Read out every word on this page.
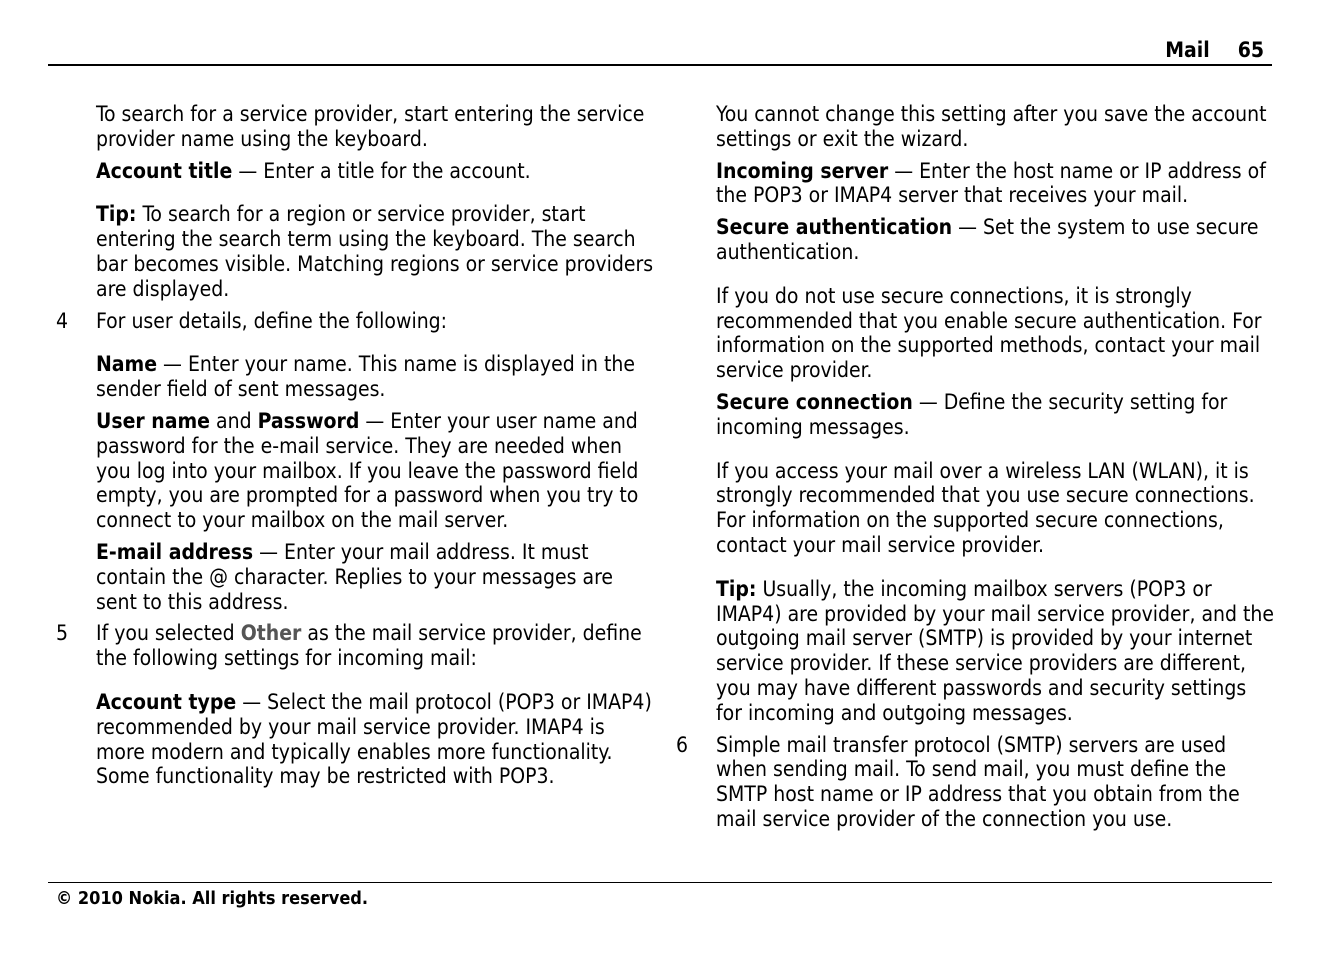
Mail 65

To search for a service provider, start entering the service provider name using the keyboard.

Account title — Enter a title for the account.

Tip: To search for a region or service provider, start entering the search term using the keyboard. The search bar becomes visible. Matching regions or service providers are displayed.

4 For user details, define the following:

Name — Enter your name. This name is displayed in the sender field of sent messages.

User name and Password — Enter your user name and password for the e-mail service. They are needed when you log into your mailbox. If you leave the password field empty, you are prompted for a password when you try to connect to your mailbox on the mail server.

E-mail address — Enter your mail address. It must contain the @ character. Replies to your messages are sent to this address.

5 If you selected Other as the mail service provider, define the following settings for incoming mail:

Account type — Select the mail protocol (POP3 or IMAP4) recommended by your mail service provider. IMAP4 is more modern and typically enables more functionality. Some functionality may be restricted with POP3.

You cannot change this setting after you save the account settings or exit the wizard.

Incoming server — Enter the host name or IP address of the POP3 or IMAP4 server that receives your mail.

Secure authentication — Set the system to use secure authentication.

If you do not use secure connections, it is strongly recommended that you enable secure authentication. For information on the supported methods, contact your mail service provider.

Secure connection — Define the security setting for incoming messages.

If you access your mail over a wireless LAN (WLAN), it is strongly recommended that you use secure connections. For information on the supported secure connections, contact your mail service provider.

Tip: Usually, the incoming mailbox servers (POP3 or IMAP4) are provided by your mail service provider, and the outgoing mail server (SMTP) is provided by your internet service provider. If these service providers are different, you may have different passwords and security settings for incoming and outgoing messages.

6 Simple mail transfer protocol (SMTP) servers are used when sending mail. To send mail, you must define the SMTP host name or IP address that you obtain from the mail service provider of the connection you use.
© 2010 Nokia. All rights reserved.
